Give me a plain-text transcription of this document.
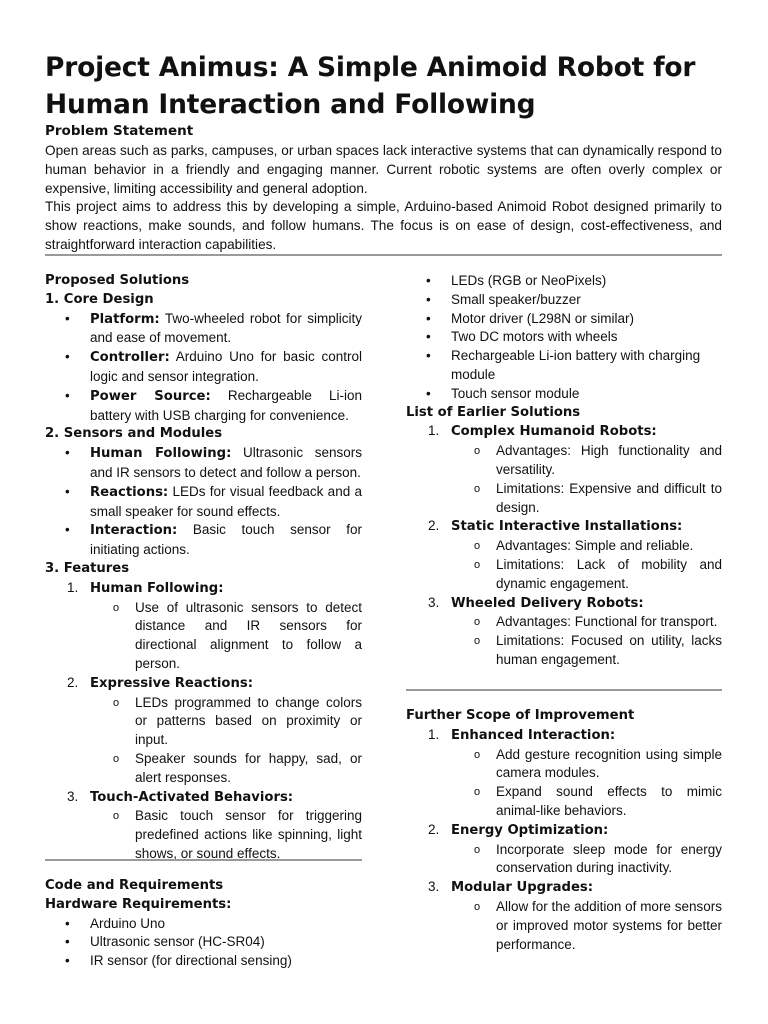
Project Animus: A Simple Animoid Robot for Human Interaction and Following
Problem Statement

Open areas such as parks, campuses, or urban spaces lack interactive systems that can dynamically respond to human behavior in a friendly and engaging manner. Current robotic systems are often overly complex or expensive, limiting accessibility and general adoption.

This project aims to address this by developing a simple, Arduino-based Animoid Robot designed primarily to show reactions, make sounds, and follow humans. The focus is on ease of design, cost-effectiveness, and straightforward interaction capabilities.

Proposed Solutions
1. Core Design
• Platform: Two-wheeled robot for simplicity and ease of movement.
• Controller: Arduino Uno for basic control logic and sensor integration.
• Power Source: Rechargeable Li-ion battery with USB charging for convenience.
2. Sensors and Modules
• Human Following: Ultrasonic sensors and IR sensors to detect and follow a person.
• Reactions: LEDs for visual feedback and a small speaker for sound effects.
• Interaction: Basic touch sensor for initiating actions.
3. Features
1. Human Following:
o Use of ultrasonic sensors to detect distance and IR sensors for directional alignment to follow a person.
2. Expressive Reactions:
o LEDs programmed to change colors or patterns based on proximity or input.
o Speaker sounds for happy, sad, or alert responses.
3. Touch-Activated Behaviors:
o Basic touch sensor for triggering predefined actions like spinning, light shows, or sound effects.
Code and Requirements
Hardware Requirements:
• Arduino Uno
• Ultrasonic sensor (HC-SR04)
• IR sensor (for directional sensing)
• LEDs (RGB or NeoPixels)
• Small speaker/buzzer
• Motor driver (L298N or similar)
• Two DC motors with wheels
• Rechargeable Li-ion battery with charging module
• Touch sensor module
List of Earlier Solutions
1. Complex Humanoid Robots:
o Advantages: High functionality and versatility.
o Limitations: Expensive and difficult to design.
2. Static Interactive Installations:
o Advantages: Simple and reliable.
o Limitations: Lack of mobility and dynamic engagement.
3. Wheeled Delivery Robots:
o Advantages: Functional for transport.
o Limitations: Focused on utility, lacks human engagement.
Further Scope of Improvement
1. Enhanced Interaction:
o Add gesture recognition using simple camera modules.
o Expand sound effects to mimic animal-like behaviors.
2. Energy Optimization:
o Incorporate sleep mode for energy conservation during inactivity.
3. Modular Upgrades:
o Allow for the addition of more sensors or improved motor systems for better performance.
